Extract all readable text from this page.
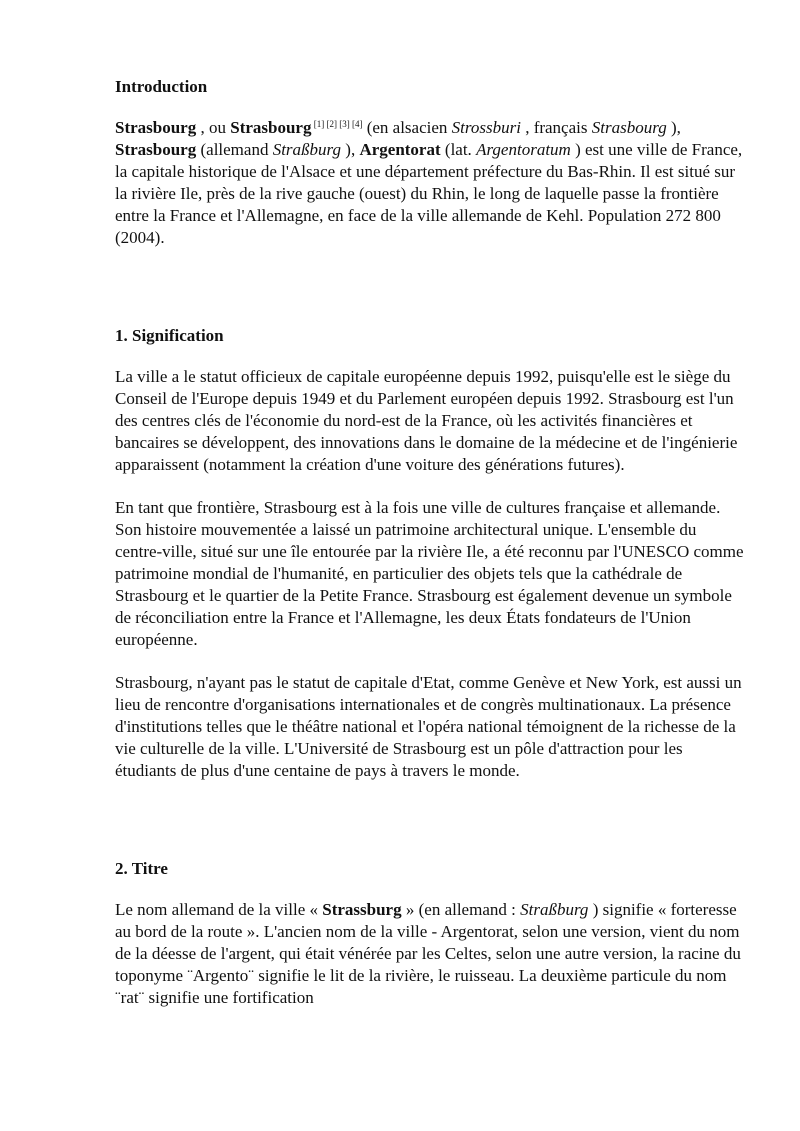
Introduction

Strasbourg , ou Strasbourg [1] [2] [3] [4] (en alsacien Strossburi , français Strasbourg ), Strasbourg (allemand Straßburg ), Argentorat (lat. Argentoratum ) est une ville de France, la capitale historique de l'Alsace et une département préfecture du Bas-Rhin. Il est situé sur la rivière Ile, près de la rive gauche (ouest) du Rhin, le long de laquelle passe la frontière entre la France et l'Allemagne, en face de la ville allemande de Kehl. Population 272 800 (2004).

1. Signification

La ville a le statut officieux de capitale européenne depuis 1992, puisqu'elle est le siège du Conseil de l'Europe depuis 1949 et du Parlement européen depuis 1992. Strasbourg est l'un des centres clés de l'économie du nord-est de la France, où les activités financières et bancaires se développent, des innovations dans le domaine de la médecine et de l'ingénierie apparaissent (notamment la création d'une voiture des générations futures).

En tant que frontière, Strasbourg est à la fois une ville de cultures française et allemande. Son histoire mouvementée a laissé un patrimoine architectural unique. L'ensemble du centre-ville, situé sur une île entourée par la rivière Ile, a été reconnu par l'UNESCO comme patrimoine mondial de l'humanité, en particulier des objets tels que la cathédrale de Strasbourg et le quartier de la Petite France. Strasbourg est également devenue un symbole de réconciliation entre la France et l'Allemagne, les deux États fondateurs de l'Union européenne.

Strasbourg, n'ayant pas le statut de capitale d'Etat, comme Genève et New York, est aussi un lieu de rencontre d'organisations internationales et de congrès multinationaux. La présence d'institutions telles que le théâtre national et l'opéra national témoignent de la richesse de la vie culturelle de la ville. L'Université de Strasbourg est un pôle d'attraction pour les étudiants de plus d'une centaine de pays à travers le monde.

2. Titre

Le nom allemand de la ville « Strassburg » (en allemand : Straßburg ) signifie « forteresse au bord de la route ». L'ancien nom de la ville - Argentorat, selon une version, vient du nom de la déesse de l'argent, qui était vénérée par les Celtes, selon une autre version, la racine du toponyme ¨Argento¨ signifie le lit de la rivière, le ruisseau. La deuxième particule du nom ¨rat¨ signifie une fortification
